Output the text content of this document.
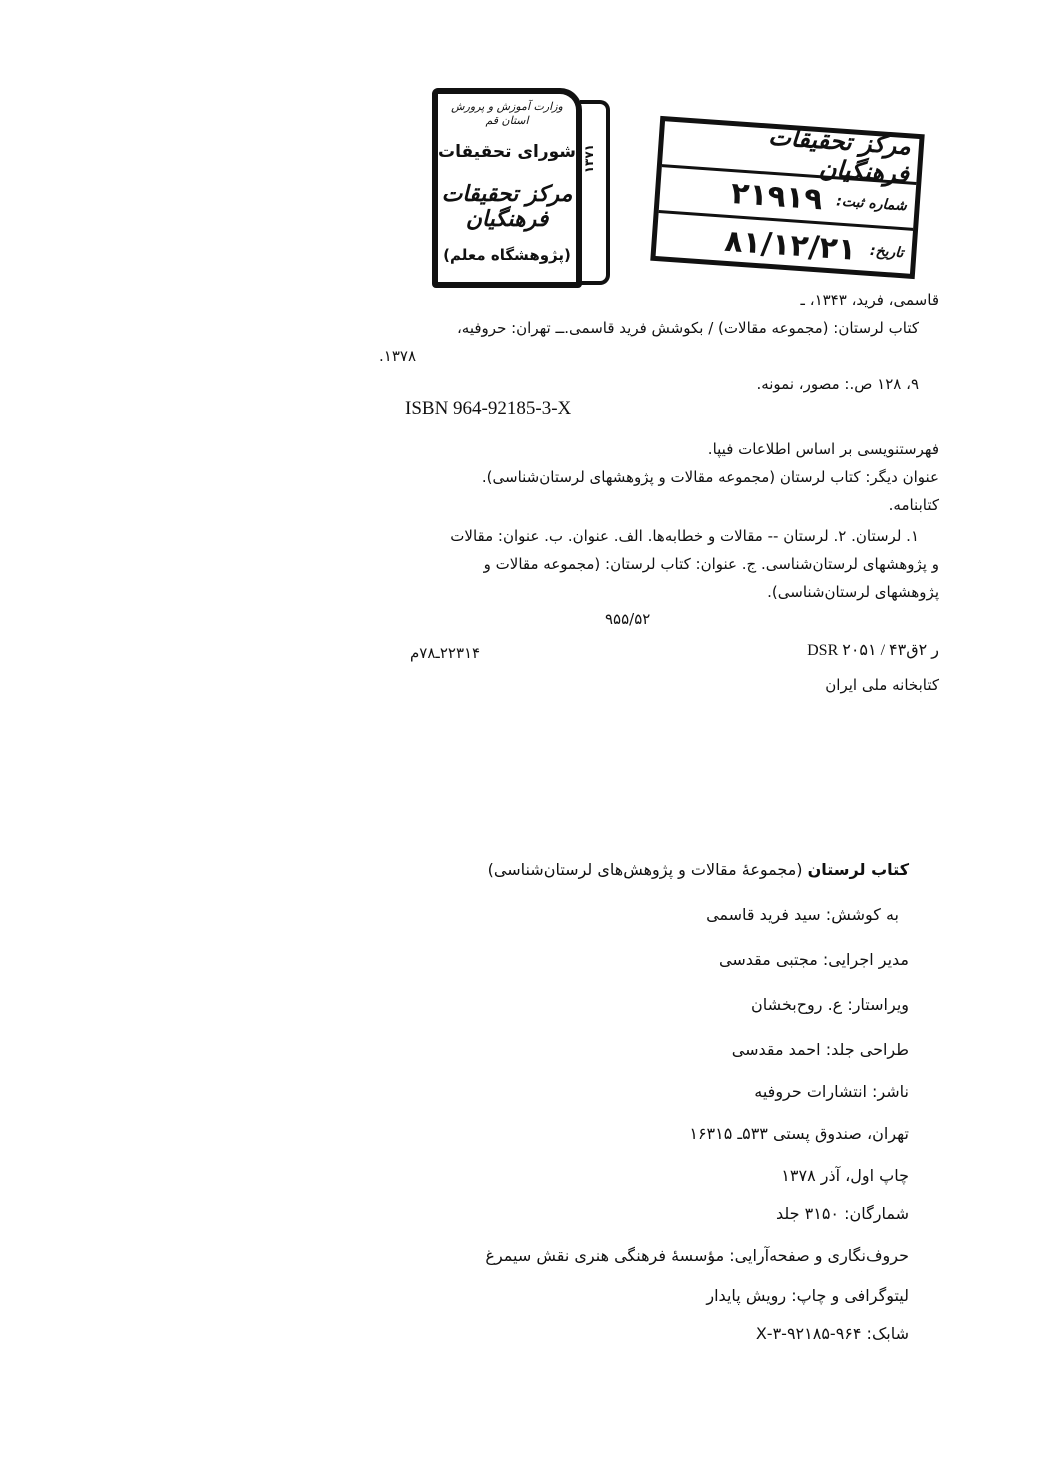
وزارت آموزش و پرورش استان قم
شورای تحقیقات
مرکز تحقیقات فرهنگیان
(پژوهشگاه معلم)
۱۳۷۱	مرکز تحقیقات فرهنگیان
شماره ثبت:
۲۱۹۱۹
تاریخ:
۸۱/۱۲/۲۱
قاسمی، فرید، ۱۳۴۳، ـ
کتاب لرستان: (مجموعه مقالات) / بکوشش فرید قاسمی.ــ تهران: حروفیه،
.۱۳۷۸
۹، ۱۲۸ ص.: مصور، نمونه.
ISBN 964-92185-3-X
فهرستنویسی بر اساس اطلاعات فیپا.
عنوان دیگر: کتاب لرستان (مجموعه مقالات و پژوهشهای لرستان‌شناسی).
کتابنامه.
۱. لرستان. ۲. لرستان -- مقالات و خطابه‌ها. الف. عنوان. ب. عنوان: مقالات
و پژوهشهای لرستان‌شناسی. ج. عنوان: کتاب لرستان: (مجموعه مقالات و
پژوهشهای لرستان‌شناسی).
۹۵۵/۵۲
DSR ۲۰۵۱ / ۴۳ر ۲ق
۲۲۳۱۴ـ۷۸م
کتابخانه ملی ایران
کتاب لرستان (مجموعهٔ مقالات و پژوهش‌های لرستان‌شناسی)
به کوشش: سید فرید قاسمی
مدیر اجرایی: مجتبی مقدسی
ویراستار: ع. روح‌بخشان
طراحی جلد: احمد مقدسی
ناشر: انتشارات حروفیه
تهران، صندوق پستی ۵۳۳ـ ۱۶۳۱۵
چاپ اول، آذر ۱۳۷۸
شمارگان: ۳۱۵۰ جلد
حروف‌نگاری و صفحه‌آرایی: مؤسسهٔ فرهنگی هنری نقش سیمرغ
لیتوگرافی و چاپ: رویش پایدار
شابک: ۹۶۴-۹۲۱۸۵-۳-X
